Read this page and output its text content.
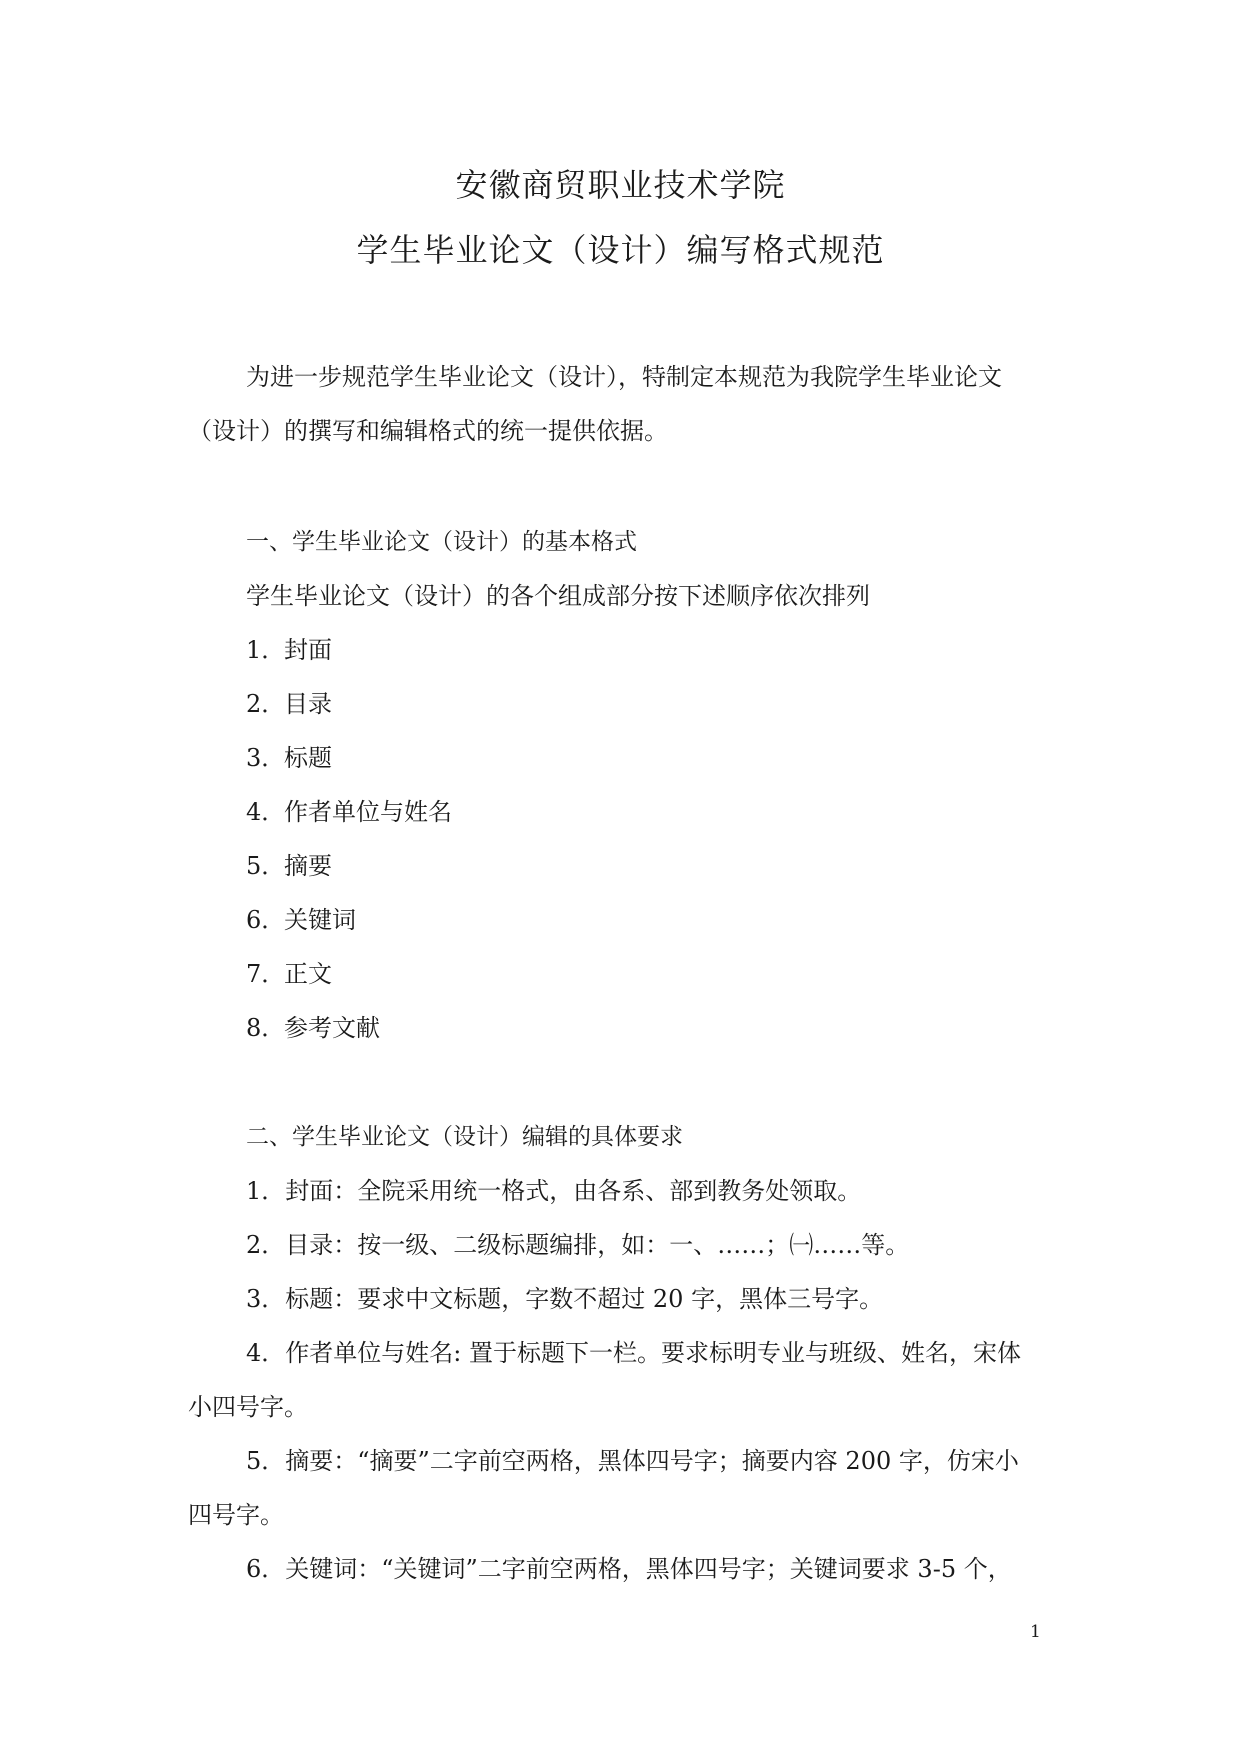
安徽商贸职业技术学院
学生毕业论文（设计）编写格式规范
为进一步规范学生毕业论文（设计），特制定本规范为我院学生毕业论文
（设计）的撰写和编辑格式的统一提供依据。
一、学生毕业论文（设计）的基本格式
学生毕业论文（设计）的各个组成部分按下述顺序依次排列
1．封面
2．目录
3．标题
4．作者单位与姓名
5．摘要
6．关键词
7．正文
8．参考文献
二、学生毕业论文（设计）编辑的具体要求
1．封面：全院采用统一格式，由各系、部到教务处领取。
2．目录：按一级、二级标题编排，如：一、……；㈠……等。
3．标题：要求中文标题，字数不超过 20 字，黑体三号字。
4．作者单位与姓名: 置于标题下一栏。要求标明专业与班级、姓名，宋体
小四号字。
5．摘要：“摘要”二字前空两格，黑体四号字；摘要内容 200 字，仿宋小
四号字。
6．关键词：“关键词”二字前空两格，黑体四号字；关键词要求 3-5 个，
1
